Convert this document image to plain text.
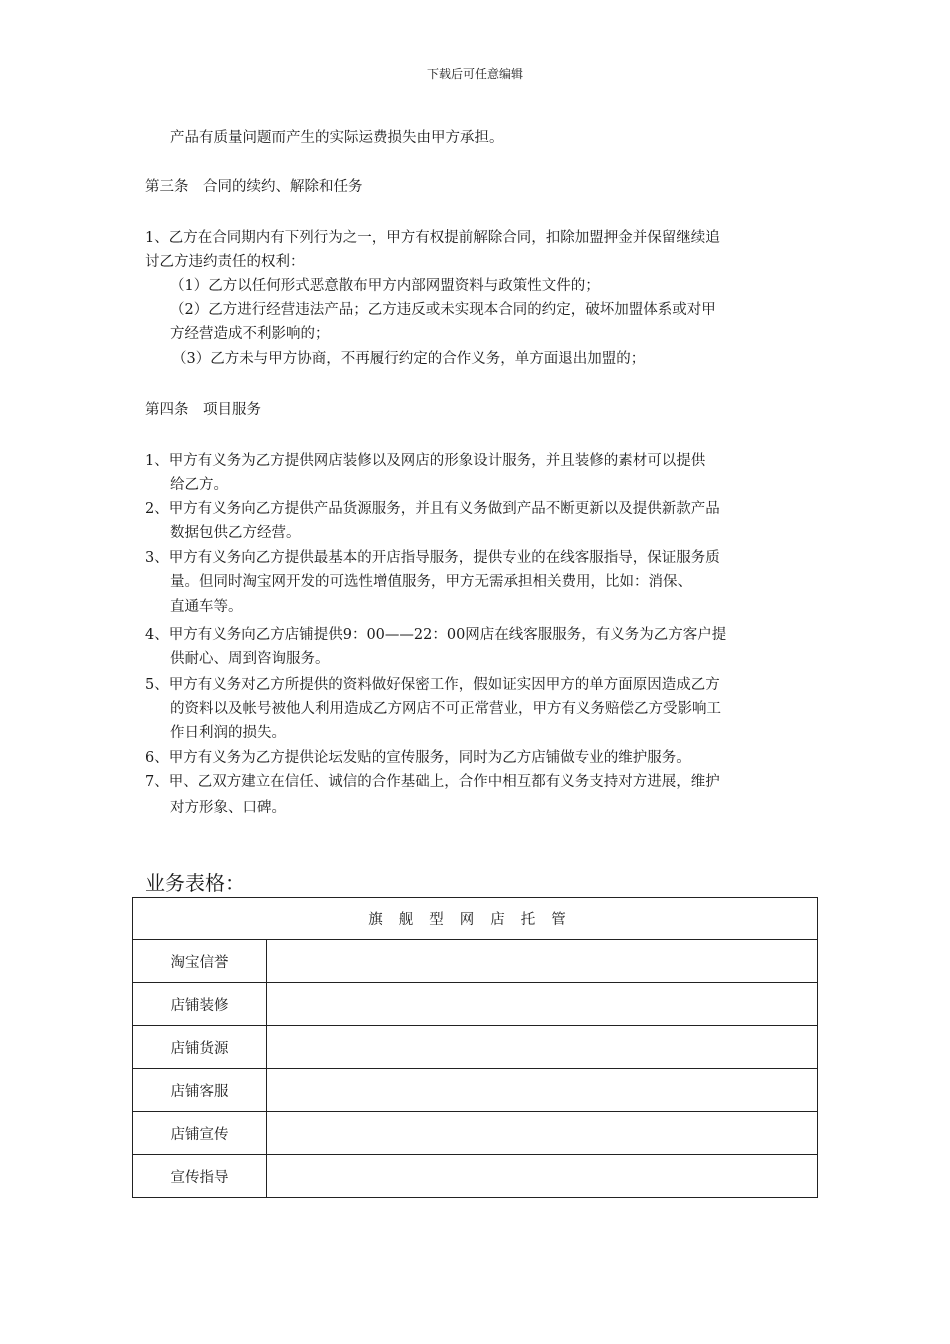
下载后可任意编辑
产品有质量问题而产生的实际运费损失由甲方承担。
第三条　合同的续约、解除和任务
1、乙方在合同期内有下列行为之一，甲方有权提前解除合同，扣除加盟押金并保留继续追
讨乙方违约责任的权利：
（1）乙方以任何形式恶意散布甲方内部网盟资料与政策性文件的；
（2）乙方进行经营违法产品；乙方违反或未实现本合同的约定，破坏加盟体系或对甲
方经营造成不利影响的；
（3）乙方未与甲方协商，不再履行约定的合作义务，单方面退出加盟的；
第四条　项目服务
1、甲方有义务为乙方提供网店装修以及网店的形象设计服务，并且装修的素材可以提供
给乙方。
2、甲方有义务向乙方提供产品货源服务，并且有义务做到产品不断更新以及提供新款产品
数据包供乙方经营。
3、甲方有义务向乙方提供最基本的开店指导服务，提供专业的在线客服指导，保证服务质
量。但同时淘宝网开发的可选性增值服务，甲方无需承担相关费用，比如：消保、
直通车等。
4、甲方有义务向乙方店铺提供9：00——22：00网店在线客服服务，有义务为乙方客户提
供耐心、周到咨询服务。
5、甲方有义务对乙方所提供的资料做好保密工作，假如证实因甲方的单方面原因造成乙方
的资料以及帐号被他人利用造成乙方网店不可正常营业，甲方有义务赔偿乙方受影响工
作日利润的损失。
6、甲方有义务为乙方提供论坛发贴的宣传服务，同时为乙方店铺做专业的维护服务。
7、甲、乙双方建立在信任、诚信的合作基础上，合作中相互都有义务支持对方进展，维护
对方形象、口碑。
业务表格：
旗舰型网店托管	
淘宝信誉	
店铺装修	
店铺货源	
店铺客服	
店铺宣传	
宣传指导	
